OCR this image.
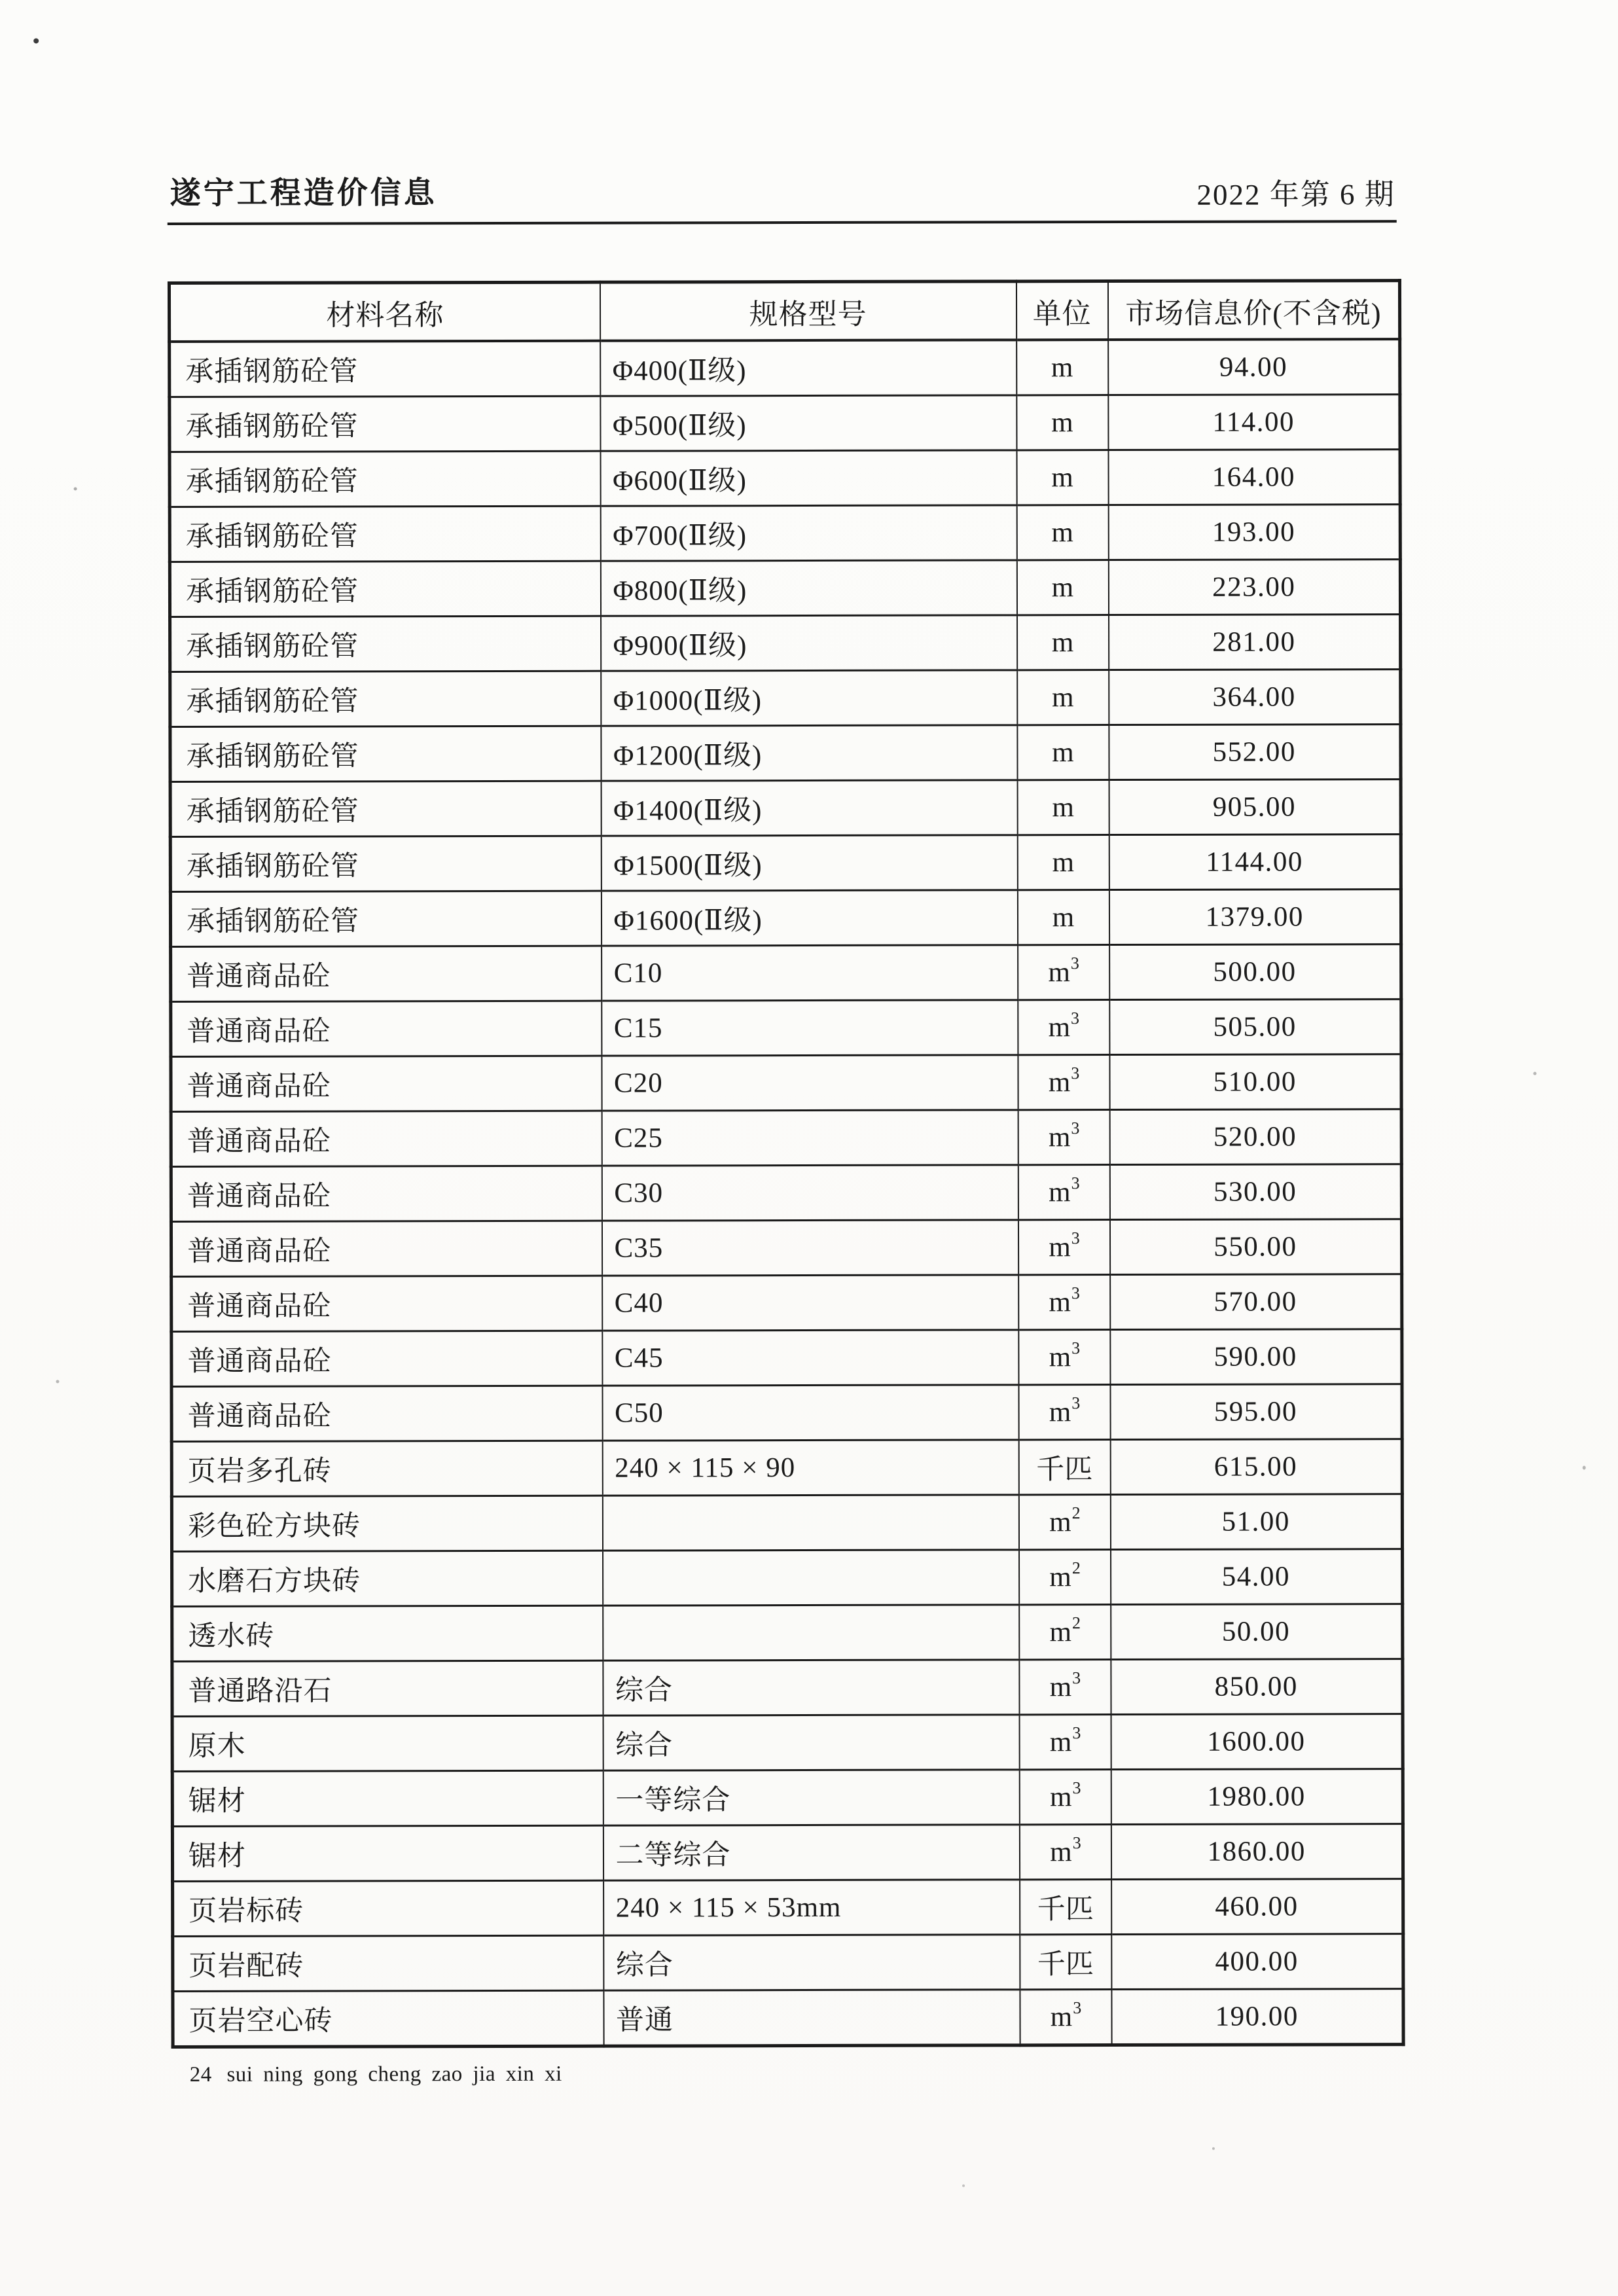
遂宁工程造价信息	2022 年第 6 期
材料名称	规格型号	单位	市场信息价(不含税)
承插钢筋砼管	Φ400(Ⅱ级)	m	94.00
承插钢筋砼管	Φ500(Ⅱ级)	m	114.00
承插钢筋砼管	Φ600(Ⅱ级)	m	164.00
承插钢筋砼管	Φ700(Ⅱ级)	m	193.00
承插钢筋砼管	Φ800(Ⅱ级)	m	223.00
承插钢筋砼管	Φ900(Ⅱ级)	m	281.00
承插钢筋砼管	Φ1000(Ⅱ级)	m	364.00
承插钢筋砼管	Φ1200(Ⅱ级)	m	552.00
承插钢筋砼管	Φ1400(Ⅱ级)	m	905.00
承插钢筋砼管	Φ1500(Ⅱ级)	m	1144.00
承插钢筋砼管	Φ1600(Ⅱ级)	m	1379.00
普通商品砼	C10	$m^3$	500.00
普通商品砼	C15	$m^3$	505.00
普通商品砼	C20	$m^3$	510.00
普通商品砼	C25	$m^3$	520.00
普通商品砼	C30	$m^3$	530.00
普通商品砼	C35	$m^3$	550.00
普通商品砼	C40	$m^3$	570.00
普通商品砼	C45	$m^3$	590.00
普通商品砼	C50	$m^3$	595.00
页岩多孔砖	240 × 115 × 90	千匹	615.00
彩色砼方块砖		$m^2$	51.00
水磨石方块砖		$m^2$	54.00
透水砖		$m^2$	50.00
普通路沿石	综合	$m^3$	850.00
原木	综合	$m^3$	1600.00
锯材	一等综合	$m^3$	1980.00
锯材	二等综合	$m^3$	1860.00
页岩标砖	240 × 115 × 53mm	千匹	460.00
页岩配砖	综合	千匹	400.00
页岩空心砖	普通	$m^3$	190.00
24 sui ning gong cheng zao jia xin xi
